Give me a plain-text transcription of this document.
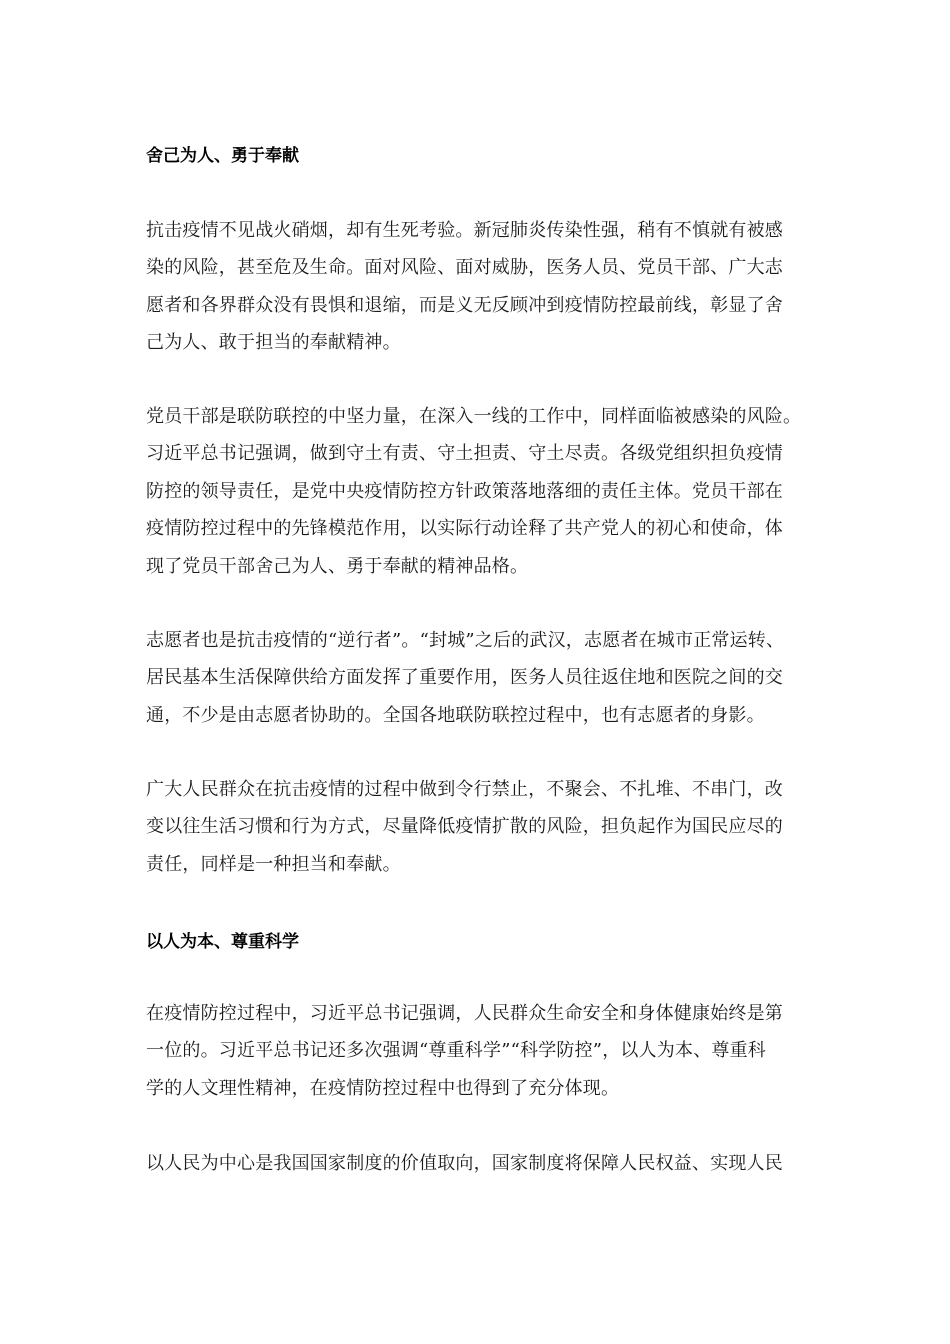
舍己为人、勇于奉献
抗击疫情不见战火硝烟，却有生死考验。新冠肺炎传染性强，稍有不慎就有被感
染的风险，甚至危及生命。面对风险、面对威胁，医务人员、党员干部、广大志
愿者和各界群众没有畏惧和退缩，而是义无反顾冲到疫情防控最前线，彰显了舍
己为人、敢于担当的奉献精神。
党员干部是联防联控的中坚力量，在深入一线的工作中，同样面临被感染的风险。
习近平总书记强调，做到守土有责、守土担责、守土尽责。各级党组织担负疫情
防控的领导责任，是党中央疫情防控方针政策落地落细的责任主体。党员干部在
疫情防控过程中的先锋模范作用，以实际行动诠释了共产党人的初心和使命，体
现了党员干部舍己为人、勇于奉献的精神品格。
志愿者也是抗击疫情的“逆行者”。“封城”之后的武汉，志愿者在城市正常运转、
居民基本生活保障供给方面发挥了重要作用，医务人员往返住地和医院之间的交
通，不少是由志愿者协助的。全国各地联防联控过程中，也有志愿者的身影。
广大人民群众在抗击疫情的过程中做到令行禁止，不聚会、不扎堆、不串门，改
变以往生活习惯和行为方式，尽量降低疫情扩散的风险，担负起作为国民应尽的
责任，同样是一种担当和奉献。
以人为本、尊重科学
在疫情防控过程中，习近平总书记强调，人民群众生命安全和身体健康始终是第
一位的。习近平总书记还多次强调“尊重科学”“科学防控”，以人为本、尊重科
学的人文理性精神，在疫情防控过程中也得到了充分体现。
以人民为中心是我国国家制度的价值取向，国家制度将保障人民权益、实现人民
